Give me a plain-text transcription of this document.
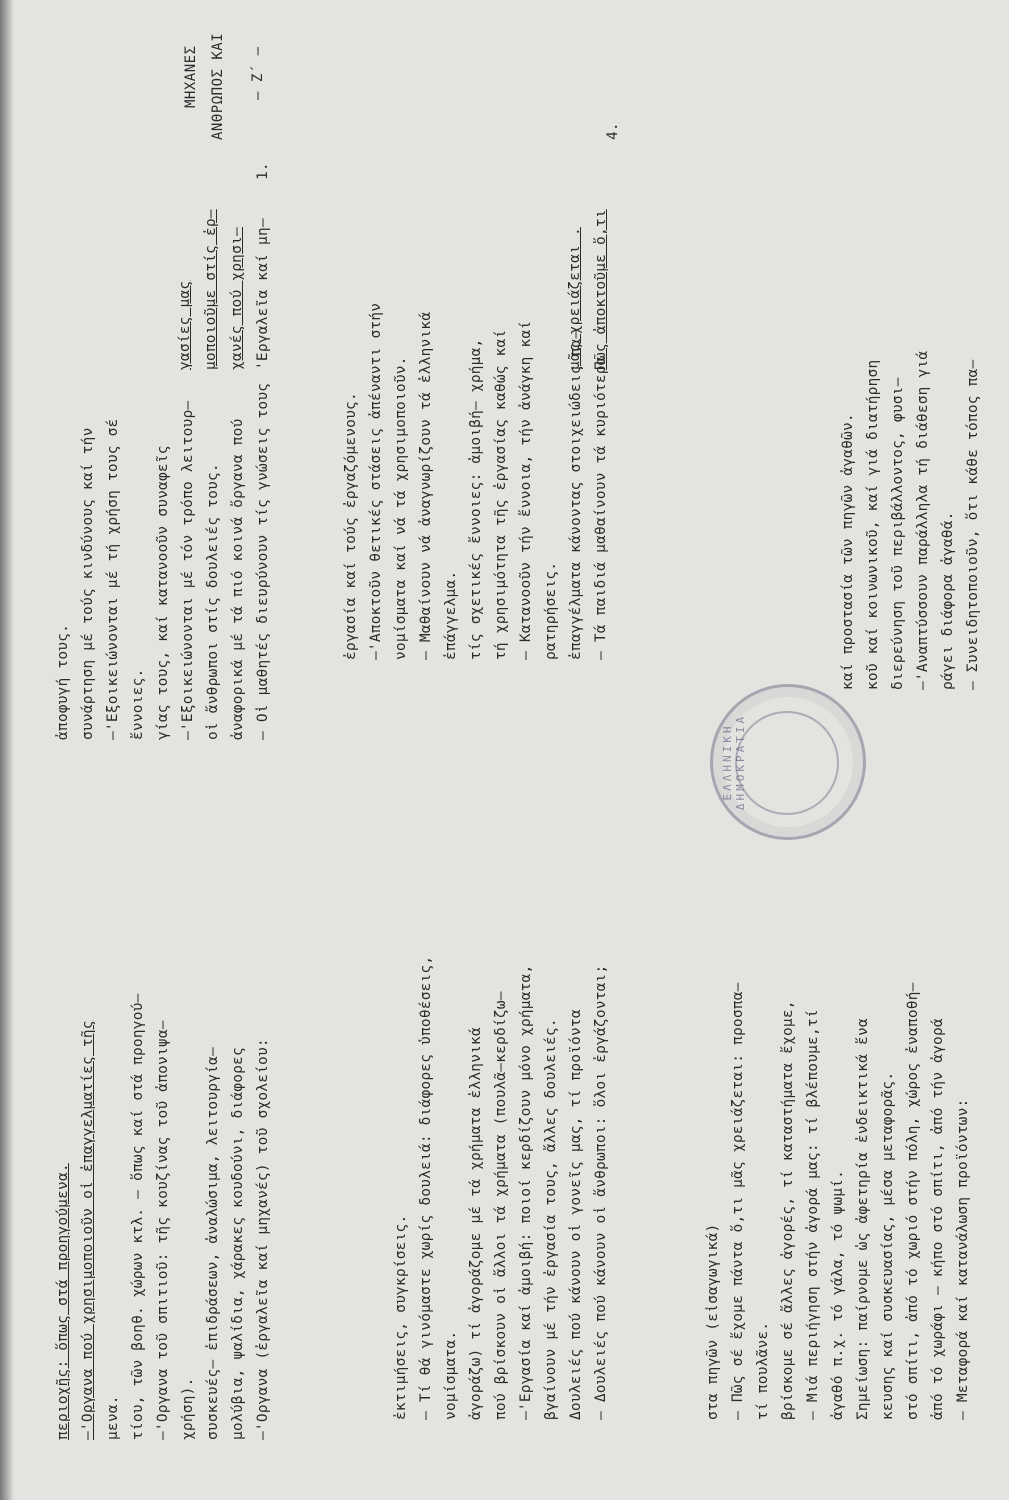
– Ζ΄ –
ΑΝΘΡΩΠΟΣ ΚΑΙ
ΜΗΧΑΝΕΣ
– Μεταφορά καί κατανάλωση προϊόντων:
ἀπό τό χωράφι – κήπο στό σπίτι, ἀπό τήν ἀγορά
στό σπίτι, ἀπό τό χωριό στήν πόλη, χώρος ἐναποθή–
κευσης καί συσκευασίας, μέσα μεταφορᾶς.
Σημείωση: παίρνομε ὡς ἀφετηρία ἐνδεικτικά ἕνα
ἀγαθό π.χ. τό γάλα, τό ψωμί.
– Μιά περιήγηση στήν ἀγορά μας: τί βλέπουμε,τί
βρίσκομε σέ ἄλλες ἀγορές, τί καταστήματα ἔχομε,
τί πουλᾶνε.
– Πῶς σέ ἔχομε πάντα ὅ,τι μᾶς χρειάζεται: προσπα–
στα πηγῶν (εἰσαγωγικά)
– Συνειδητοποιοῦν, ὅτι κάθε τόπος πα–
ράγει διάφορα ἀγαθά.
–'Αναπτύσσουν παράλληλα τή διάθεση γιά
διερεύνηση τοῦ περιβάλλοντος, φυσι–
κοῦ καί κοινωνικοῦ, καί γιά διατήρηση
καί προστασία τῶν πηγῶν ἀγαθῶν.
4.
Πῶς ἀποκτοῦμε ὅ,τι
μᾶς χρειάζεται .
– Τά παιδιά μαθαίνουν τά κυριότερα
ἐπαγγέλματα κάνοντας στοιχειώδεις πα–
ρατηρήσεις.
– Κατανοοῦν τήν ἔννοια, τήν ἀνάγκη καί
τή χρησιμότητα τῆς ἐργασίας καθώς καί
τίς σχετικές ἔννοιες: ἀμοιβή– χρήμα,
ἐπάγγελμα.
– Μαθαίνουν νά ἀναγνωρίζουν τά ἑλληνικά
νομίσματα καί νά τά χρησιμοποιοῦν.
–'Αποκτοῦν θετικές στάσεις ἀπέναντι στήν
ἐργασία καί τούς ἐργαζόμενους.
– Δουλειές πού κάνουν οἱ ἄνθρωποι: ὅλοι ἐργάζονται;
Δουλειές πού κάνουν οἱ γονεῖς μας, τί προϊόντα
βγαίνουν μέ τήν ἐργασία τους, ἄλλες δουλειές.
–'Εργασία καί ἀμοιβή: ποιοί κερδίζουν μόνο χρήματα,
πού βρίσκουν οἱ ἄλλοι τά χρήματα (πουλᾶ–κερδίζω–
ἀγοράζω) τί ἀγοράζομε μέ τά χρήματα ἑλληνικά
νομίσματα.
– Τί θά γινόμαστε χωρίς δουλειά: διάφορες ὑποθέσεις,
ἐκτιμήσεις, συγκρίσεις.
1.
'Εργαλεῖα καί μη–
χανές πού χρησι–
μοποιοῦμε στίς ἐρ–
γασίες μας
– Οἱ μαθητές διευρύνουν τίς γνώσεις τους
ἀναφορικά μέ τά πιό κοινά ὄργανα πού
οἱ ἄνθρωποι στίς δουλειές τους.
–'Εξοικειώνονται μέ τόν τρόπο λειτουρ–
γίας τους, καί κατανοοῦν συναφεῖς
ἔννοιες.
–'Εξοικειώνονται μέ τή χρήση τους σέ
συνάρτηση μέ τούς κινδύνους καί τήν
ἀποφυγή τους.
–'Οργανα (ἐργαλεῖα καί μηχανές) τοῦ σχολείου:
μολύβια, ψαλίδια, χάρακες κουδούνι, διάφορες
συσκευές– ἐπιδράσεων, ἀναλώσιμα, λειτουργία–
χρήση).
–'Οργανα τοῦ σπιτιοῦ: τῆς κουζίνας τοῦ ἀπονιψα–
τίου, τῶν βοηθ. χώρων κτλ. – ὅπως καί στά προηγού–
μενα.
–'Οργανα πού χρησιμοποιοῦν οἱ ἐπαγγελματίες τῆς
περιοχῆς: ὅπως στά προηγούμενα.
ΕΛΛΗΝΙΚΗ ΔΗΜΟΚΡΑΤΙΑ
